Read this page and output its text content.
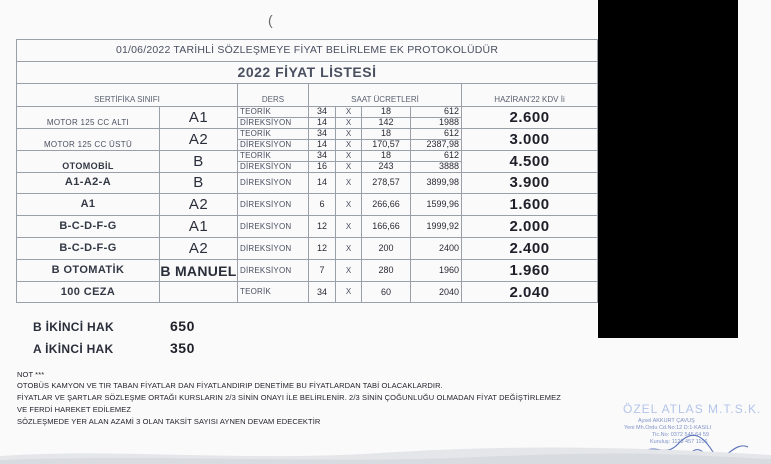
(
01/06/2022 TARİHLİ SÖZLEŞMEYE FİYAT BELİRLEME EK PROTOKOLÜDÜR							
2022 FİYAT LİSTESİ							
SERTİFİKA SINIFI		DERS	SAAT ÜCRETLERİ				HAZİRAN'22 KDV İi
MOTOR 125 CC ALTI	A1	TEORİK	34	X	18	612	2.600
		DİREKSİYON	14	X	142	1988	
MOTOR 125 CC ÜSTÜ	A2	TEORİK	34	X	18	612	3.000
		DİREKSİYON	14	X	170,57	2387,98	
OTOMOBİL	B	TEORİK	34	X	18	612	4.500
		DİREKSİYON	16	X	243	3888	
A1-A2-A	B	DİREKSİYON	14	X	278,57	3899,98	3.900
A1	A2	DİREKSİYON	6	X	266,66	1599,96	1.600
B-C-D-F-G	A1	DİREKSİYON	12	X	166,66	1999,92	2.000
B-C-D-F-G	A2	DİREKSİYON	12	X	200	2400	2.400
B OTOMATİK	B MANUEL	DİREKSİYON	7	X	280	1960	1.960
100 CEZA		TEORİK	34	X	60	2040	2.040
B İKİNCİ HAK	650
A İKİNCİ HAK	350
NOT ***
OTOBÜS KAMYON VE TIR TABAN FİYATLAR DAN FİYATLANDIRIP DENETİME BU FİYATLARDAN TABİ OLACAKLARDIR.
FİYATLAR VE ŞARTLAR SÖZLEŞME ORTAĞI KURSLARIN 2/3 SİNİN ONAYI İLE BELİRLENİR. 2/3 SİNİN ÇOĞUNLUĞU OLMADAN FİYAT DEĞİŞTİRLEMEZ
VE FERDİ HAREKET EDİLEMEZ
SÖZLEŞMEDE YER ALAN AZAMİ 3 OLAN TAKSİT SAYISI AYNEN DEVAM EDECEKTİR
ÖZEL ATLAS M.T.S.K.
Aysel AKKURT ÇAVUŞ
Yeni Mh.Ordu Cd.No:12 D:1-KASILI
Tic.No: 0372 545 64 59
Kuruluş: 1123 457 1106
